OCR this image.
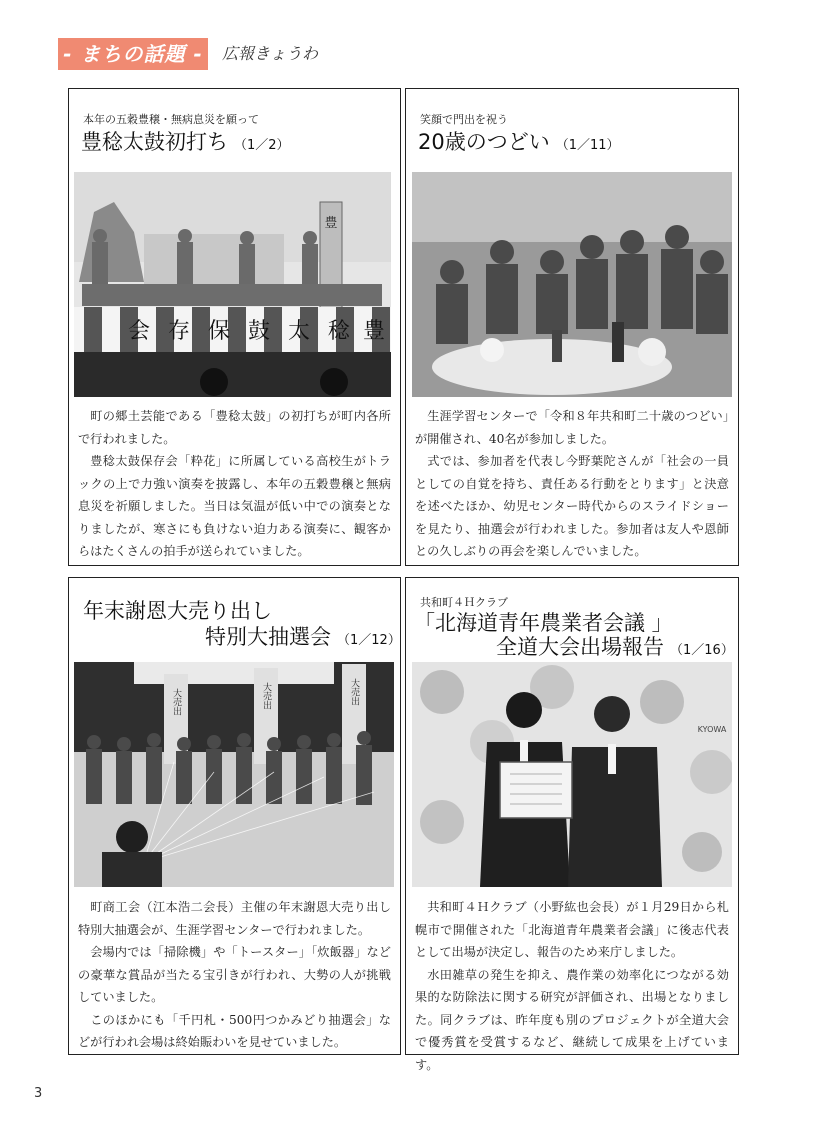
- まちの話題 -	広報きょうわ
本年の五穀豊穣・無病息災を願って
豊稔太鼓初打ち （1／2）
豊
豊
稔
太
鼓
保
存
会

町の郷土芸能である「豊稔太鼓」の初打ちが町内各所で行われました。

豊稔太鼓保存会「粋花」に所属している高校生がトラックの上で力強い演奏を披露し、本年の五穀豊穣と無病息災を祈願しました。当日は気温が低い中での演奏となりましたが、寒さにも負けない迫力ある演奏に、観客からはたくさんの拍手が送られていました。

笑顔で門出を祝う
20歳のつどい （1／11）

生涯学習センターで「令和８年共和町二十歳のつどい」が開催され、40名が参加しました。

式では、参加者を代表し今野葉陀さんが「社会の一員としての自覚を持ち、責任ある行動をとります」と決意を述べたほか、幼児センター時代からのスライドショーを見たり、抽選会が行われました。参加者は友人や恩師との久しぶりの再会を楽しんでいました。

年末謝恩大売り出し
特別大抽選会 （1／12）
大売出	大売出	大売出

町商工会（江本浩二会長）主催の年末謝恩大売り出し特別大抽選会が、生涯学習センターで行われました。

会場内では「掃除機」や「トースター」「炊飯器」などの豪華な賞品が当たる宝引きが行われ、大勢の人が挑戦していました。

このほかにも「千円札・500円つかみどり抽選会」などが行われ会場は終始賑わいを見せていました。

共和町４Ｈクラブ
「北海道青年農業者会議 」
全道大会出場報告 （1／16）
KYOWA

共和町４Ｈクラブ（小野紘也会長）が１月29日から札幌市で開催された「北海道青年農業者会議」に後志代表として出場が決定し、報告のため来庁しました。

水田雑草の発生を抑え、農作業の効率化につながる効果的な防除法に関する研究が評価され、出場となりました。同クラブは、昨年度も別のプロジェクトが全道大会で優秀賞を受賞するなど、継続して成果を上げています。

3
